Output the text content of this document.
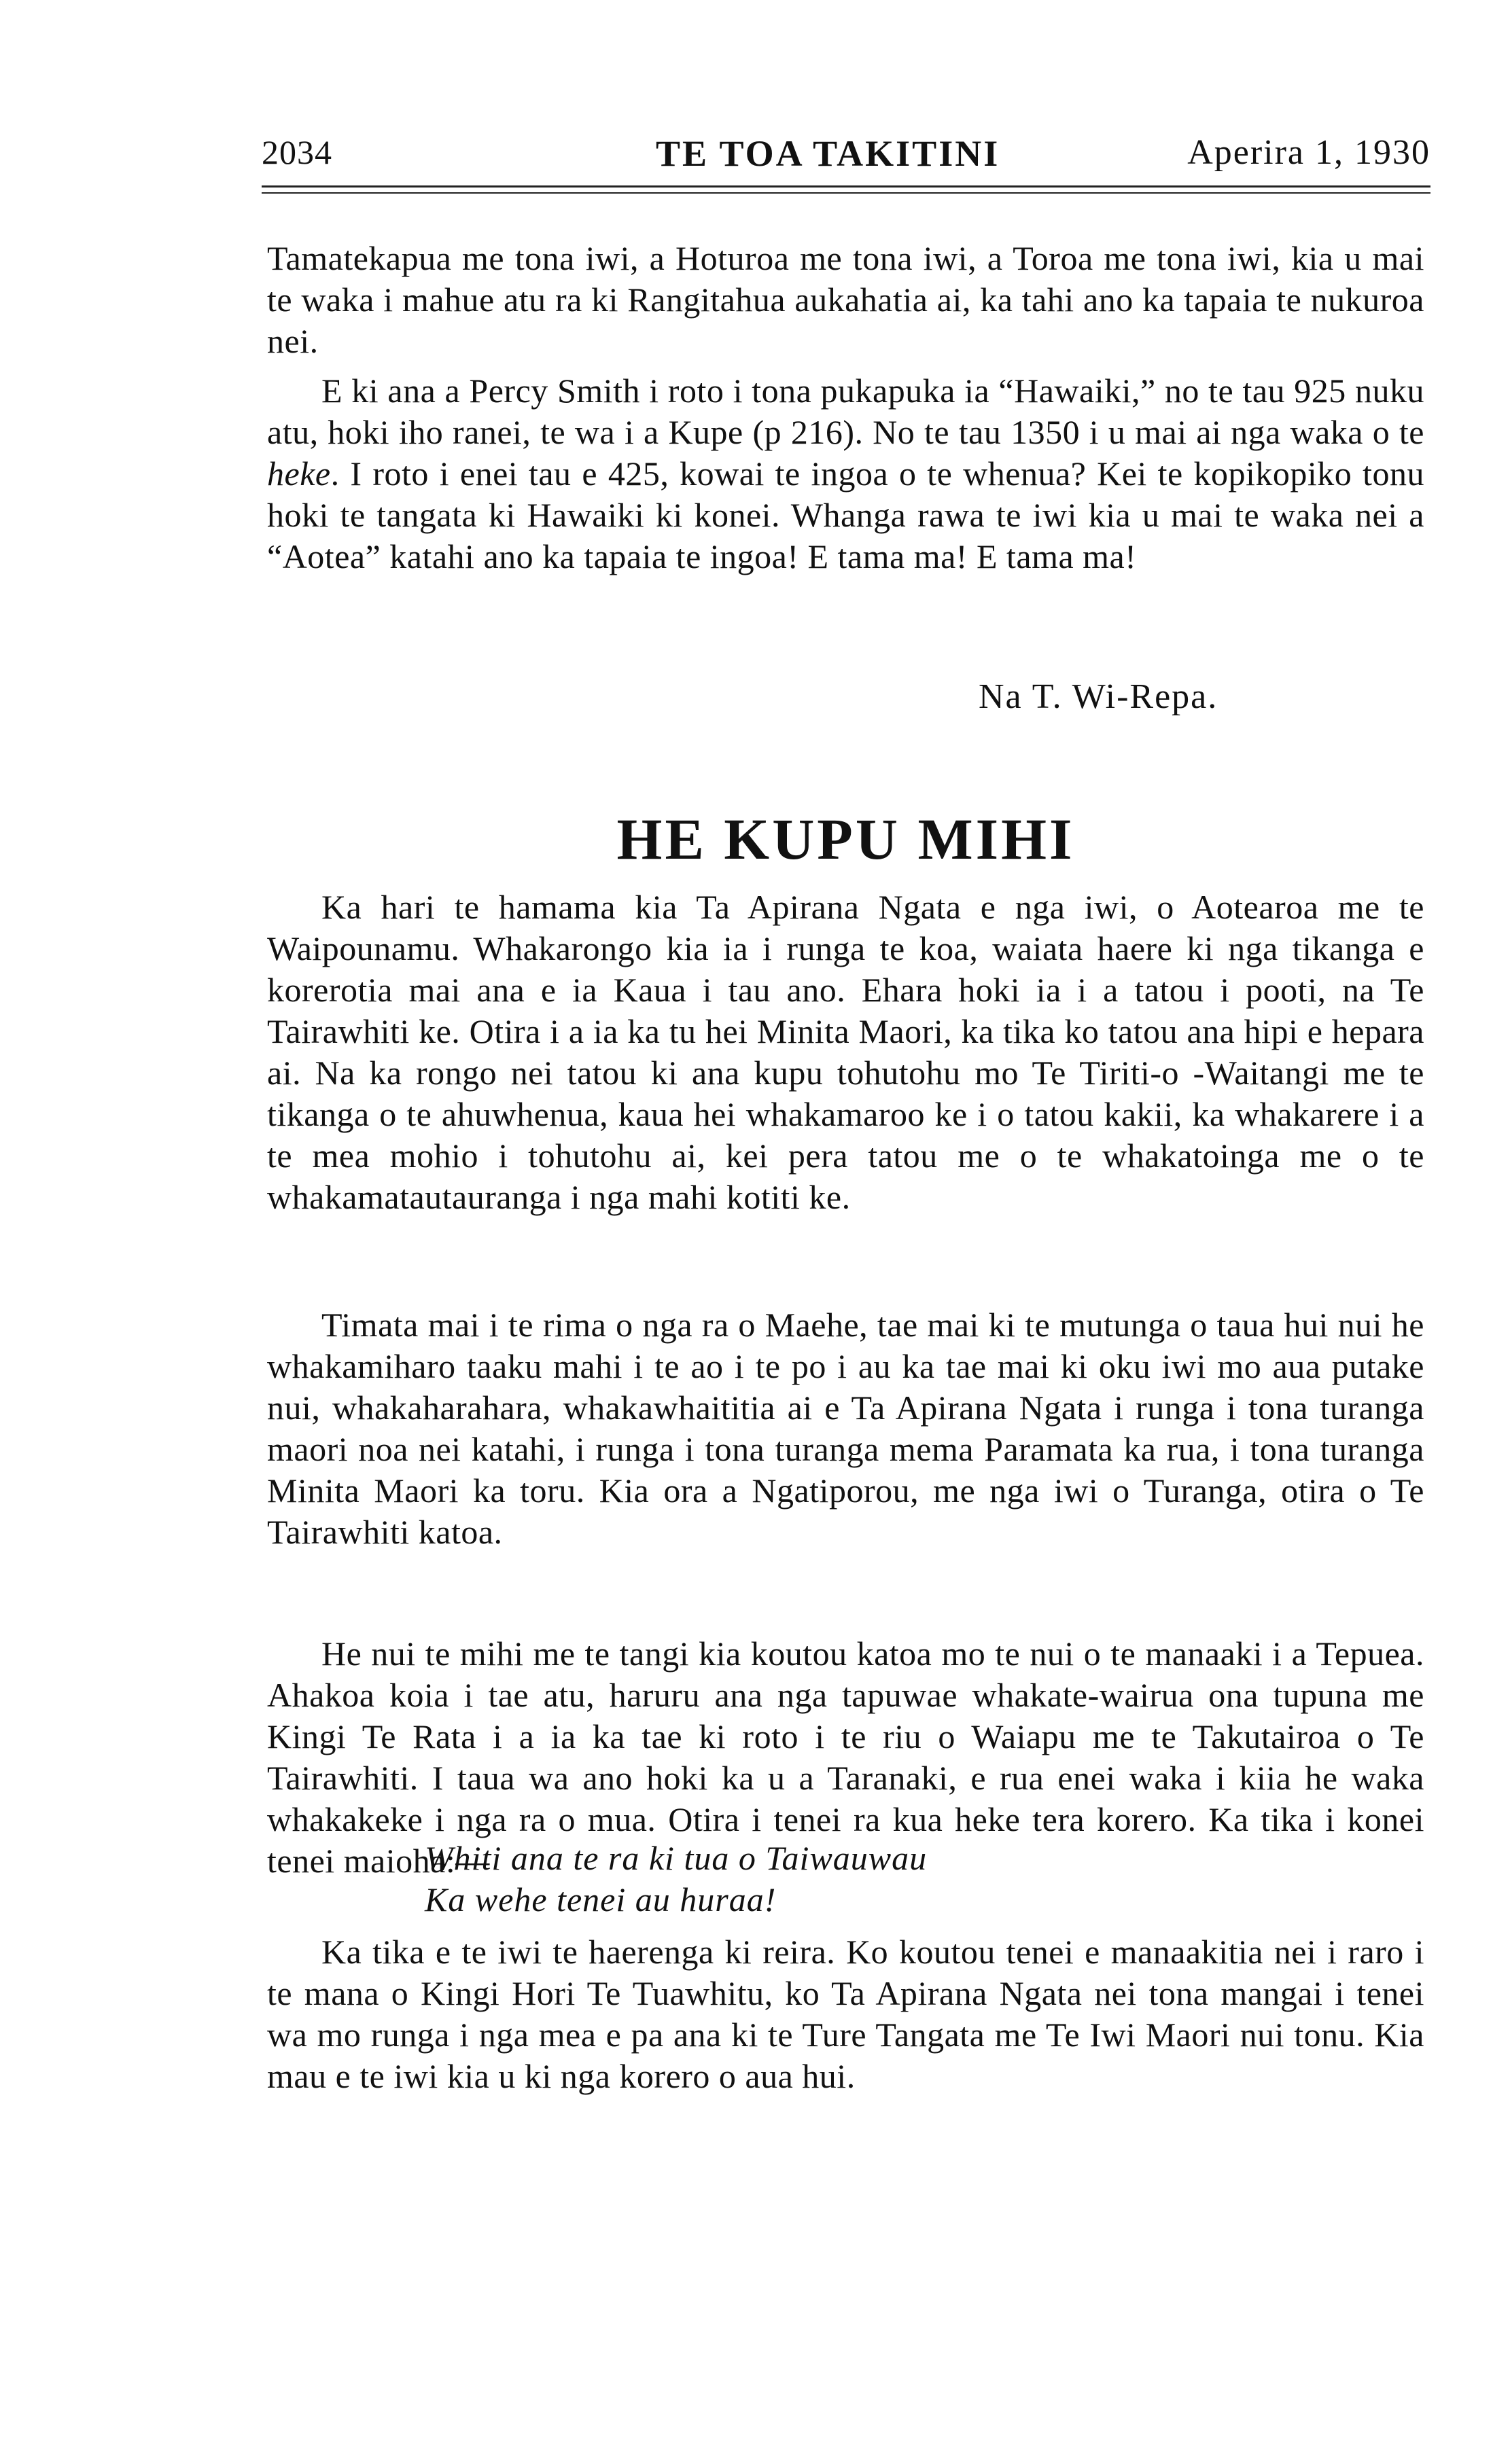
2034	TE TOA TAKITINI	Aperira 1, 1930

Tamatekapua me tona iwi, a Hoturoa me tona iwi, a Toroa me tona iwi, kia u mai te waka i mahue atu ra ki Rangitahua aukahatia ai, ka tahi ano ka tapaia te nukuroa nei.

E ki ana a Percy Smith i roto i tona pukapuka ia “Hawaiki,” no te tau 925 nuku atu, hoki iho ranei, te wa i a Kupe (p 216). No te tau 1350 i u mai ai nga waka o te heke. I roto i enei tau e 425, kowai te ingoa o te whenua? Kei te kopikopiko tonu hoki te tangata ki Hawaiki ki konei. Whanga rawa te iwi kia u mai te waka nei a “Aotea” katahi ano ka tapaia te ingoa! E tama ma! E tama ma!

Na T. Wi-Repa.
HE KUPU MIHI

Ka hari te hamama kia Ta Apirana Ngata e nga iwi, o Aotearoa me te Waipounamu. Whakarongo kia ia i runga te koa, waiata haere ki nga tikanga e korerotia mai ana e ia Kaua i tau ano. Ehara hoki ia i a tatou i pooti, na Te Tairawhiti ke. Otira i a ia ka tu hei Minita Maori, ka tika ko tatou ana hipi e hepara ai. Na ka rongo nei tatou ki ana kupu tohutohu mo Te Tiriti-o -Waitangi me te tikanga o te ahuwhenua, kaua hei whakamaroo ke i o tatou kakii, ka whakarere i a te mea mohio i tohutohu ai, kei pera tatou me o te whakatoinga me o te whakamatautauranga i nga mahi kotiti ke.

Timata mai i te rima o nga ra o Maehe, tae mai ki te mutunga o taua hui nui he whakamiharo taaku mahi i te ao i te po i au ka tae mai ki oku iwi mo aua putake nui, whakaharahara, whakawhaititia ai e Ta Apirana Ngata i runga i tona turanga maori noa nei katahi, i runga i tona turanga mema Paramata ka rua, i tona turanga Minita Maori ka toru. Kia ora a Ngatiporou, me nga iwi o Turanga, otira o Te Tairawhiti katoa.

He nui te mihi me te tangi kia koutou katoa mo te nui o te manaaki i a Tepuea. Ahakoa koia i tae atu, haruru ana nga tapuwae whakate-wairua ona tupuna me Kingi Te Rata i a ia ka tae ki roto i te riu o Waiapu me te Takutairoa o Te Tairawhiti. I taua wa ano hoki ka u a Taranaki, e rua enei waka i kiia he waka whakakeke i nga ra o mua. Otira i tenei ra kua heke tera korero. Ka tika i konei tenei maioha:—

Whiti ana te ra ki tua o Taiwauwau
Ka wehe tenei au huraa!

Ka tika e te iwi te haerenga ki reira. Ko koutou tenei e manaakitia nei i raro i te mana o Kingi Hori Te Tuawhitu, ko Ta Apirana Ngata nei tona mangai i tenei wa mo runga i nga mea e pa ana ki te Ture Tangata me Te Iwi Maori nui tonu. Kia mau e te iwi kia u ki nga korero o aua hui.
